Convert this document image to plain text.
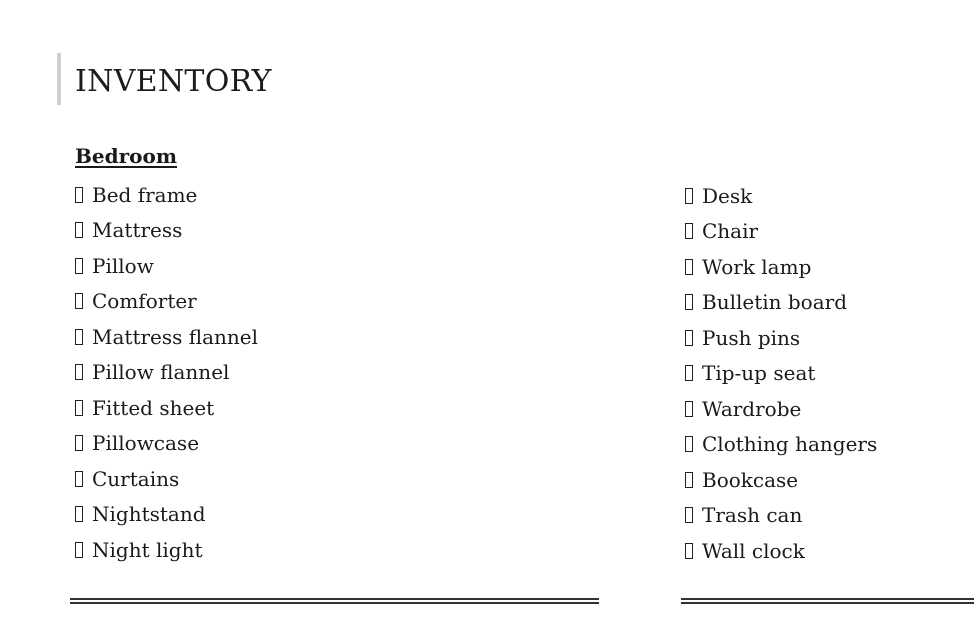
INVENTORY
Bedroom
Bed frame
Mattress
Pillow
Comforter
Mattress flannel
Pillow flannel
Fitted sheet
Pillowcase
Curtains
Nightstand
Night light
Desk
Chair
Work lamp
Bulletin board
Push pins
Tip-up seat
Wardrobe
Clothing hangers
Bookcase
Trash can
Wall clock
